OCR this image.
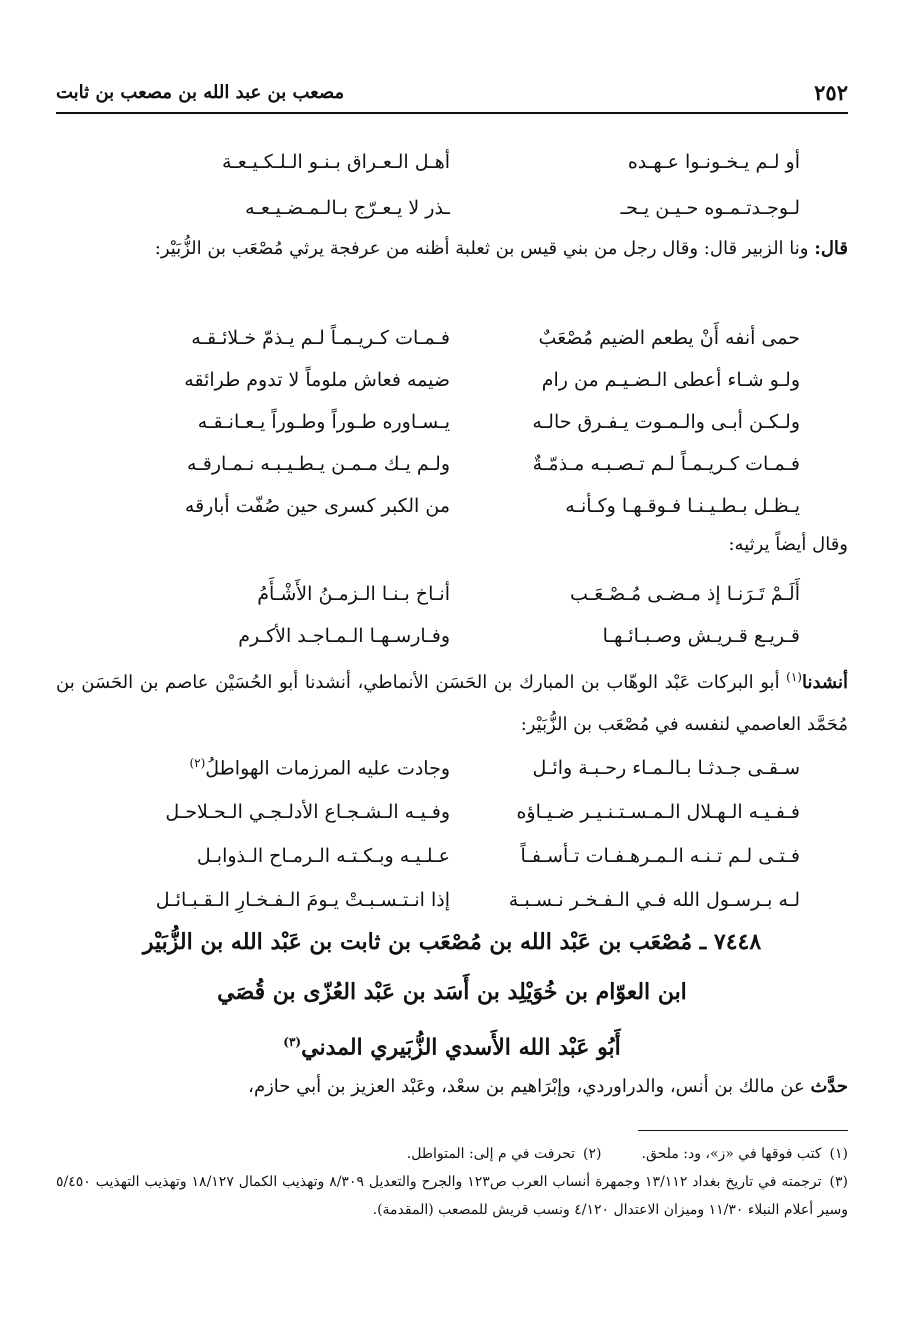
٢٥٢
مصعب بن عبد الله بن مصعب بن ثابت
أو لـم يـخـونـوا عـهـده
أهـل الـعـراق بـنـو الـلـكـيـعـة
لـوجـدتـمـوه حـيـن يـحـ
ـذر لا يـعـرّج بـالـمـضـيـعـه
قال: ونا الزبير قال: وقال رجل من بني قيس بن ثعلبة أظنه من عرفجة يرثي مُصْعَب بن الزُّبَيْر:
حمى أنفه أَنْ يطعم الضيم مُصْعَبٌ
فـمـات كـريـمـاً لـم يـذمّ خـلائـقـه
ولـو شـاء أعطى الـضـيـم من رام
ضيمه فعاش ملوماً لا تدوم طرائقه
ولـكـن أبـى والـمـوت يـفـرق حالـه
يـسـاوره طـوراً وطـوراً يـعـانـقـه
فـمـات كـريـمـاً لـم تـصـبـه مـذمّـةٌ
ولـم يـك مـمـن يـطـيـبـه نـمـارقـه
يـظـل بـطـيـنـا فـوقـهـا وكـأنـه
من الكبر كسرى حين صُفّت أبارقه
وقال أيضاً يرثيه:
أَلَـمْ تَـرَنـا إذ مـضـى مُـصْـعَـب
أنـاخ بـنـا الـزمـنُ الأَشْـأَمُ
قـريـع قـريـش وصـبـائـهـا
وفـارسـهـا الـمـاجـد الأكـرم
أنشدنا$^{(١)}$ أبو البركات عَبْد الوهّاب بن المبارك بن الحَسَن الأنماطي، أنشدنا أبو الحُسَيْن عاصم بن الحَسَن بن مُحَمَّد العاصمي لنفسه في مُصْعَب بن الزُّبَيْر:
سـقـى جـدثـا بـالـمـاء رحـبـة وائـل
وجادت عليه المرزمات الهواطلُ$^{(٢)}$
فـفـيـه الـهـلال الـمـسـتـنـيـر ضـيـاؤه
وفـيـه الـشـجـاع الأدلـجـي الـحـلاحـل
فـتـى لـم تـنـه الـمـرهـفـات تـأسـفـاً
عـلـيـه وبـكـتـه الـرمـاح الـذوابـل
لـه بـرسـول الله فـي الـفـخـر نـسـبـة
إذا انـتـسـبـتْ يـومَ الـفـخـارِ الـقـبـائـل
٧٤٤٨ ـ مُصْعَب بن عَبْد الله بن مُصْعَب بن ثابت بن عَبْد الله بن الزُّبَيْر
ابن العوّام بن خُوَيْلِد بن أَسَد بن عَبْد العُزّى بن قُصَي
أَبُو عَبْد الله الأَسدي الزُّبَيري المدني$^{(٣)}$
حدَّث عن مالك بن أنس، والدراوردي، وإبْرَاهيم بن سعْد، وعَبْد العزيز بن أبي حازم،
(١)كتب فوقها في «ز»، ود: ملحق.
(٢)تحرفت في م إلى: المتواطل.
(٣)ترجمته في تاريخ بغداد ١٣/١١٢ وجمهرة أنساب العرب ص١٢٣ والجرح والتعديل ٨/٣٠٩ وتهذيب الكمال ١٨/١٢٧ وتهذيب التهذيب ٥/٤٥٠ وسير أعلام النبلاء ١١/٣٠ وميزان الاعتدال ٤/١٢٠ ونسب قريش للمصعب (المقدمة).
